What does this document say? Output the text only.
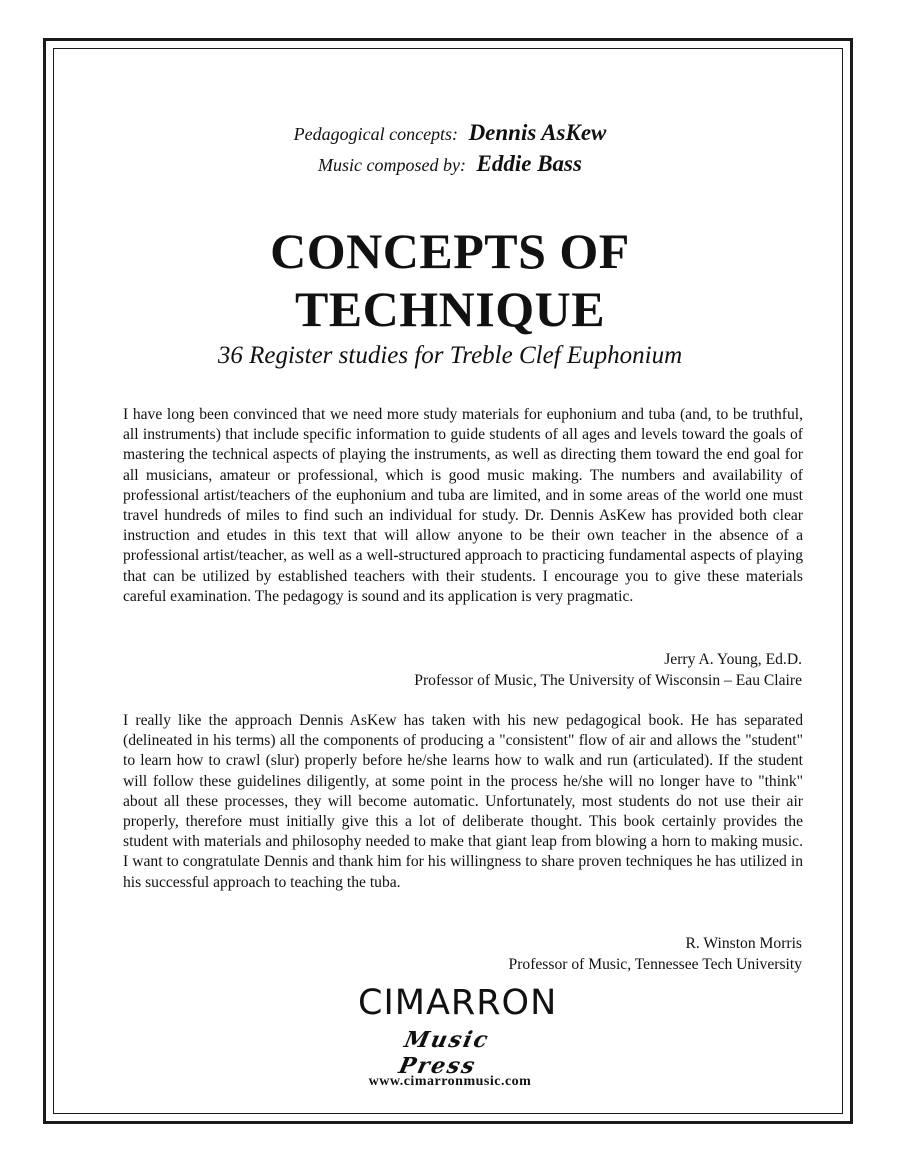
Pedagogical concepts: Dennis AsKew
Music composed by: Eddie Bass
CONCEPTS OF
TECHNIQUE
36 Register studies for Treble Clef Euphonium

I have long been convinced that we need more study materials for euphonium and tuba (and, to be truthful, all instruments) that include specific information to guide students of all ages and levels toward the goals of mastering the technical aspects of playing the instruments, as well as directing them toward the end goal for all musicians, amateur or professional, which is good music making. The numbers and availability of professional artist/teachers of the euphonium and tuba are limited, and in some areas of the world one must travel hundreds of miles to find such an individual for study. Dr. Dennis AsKew has provided both clear instruction and etudes in this text that will allow anyone to be their own teacher in the absence of a professional artist/teacher, as well as a well-structured approach to practicing fundamental aspects of playing that can be utilized by established teachers with their students. I encourage you to give these materials careful examination. The pedagogy is sound and its application is very pragmatic.

Jerry A. Young, Ed.D.
Professor of Music, The University of Wisconsin – Eau Claire

I really like the approach Dennis AsKew has taken with his new pedagogical book. He has separated (delineated in his terms) all the components of producing a "consistent" flow of air and allows the "student" to learn how to crawl (slur) properly before he/she learns how to walk and run (articulated). If the student will follow these guidelines diligently, at some point in the process he/she will no longer have to "think" about all these processes, they will become automatic. Unfortunately, most students do not use their air properly, therefore must initially give this a lot of deliberate thought. This book certainly provides the student with materials and philosophy needed to make that giant leap from blowing a horn to making music. I want to congratulate Dennis and thank him for his willingness to share proven techniques he has utilized in his successful approach to teaching the tuba.

R. Winston Morris
Professor of Music, Tennessee Tech University
CIMARRON
Music Press
www.cimarronmusic.com
